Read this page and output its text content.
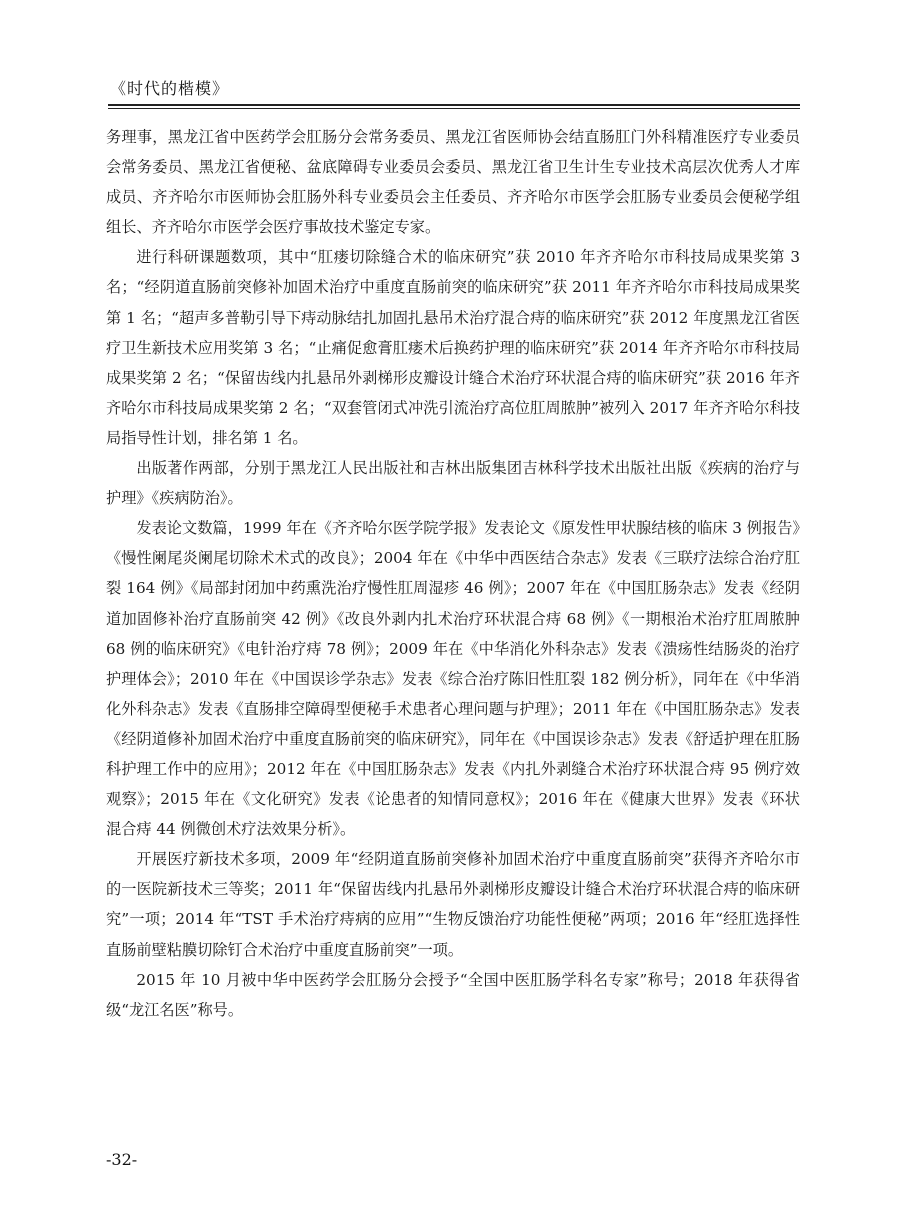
《时代的楷模》

务理事，黑龙江省中医药学会肛肠分会常务委员、黑龙江省医师协会结直肠肛门外科精准医疗专业委员会常务委员、黑龙江省便秘、盆底障碍专业委员会委员、黑龙江省卫生计生专业技术高层次优秀人才库成员、齐齐哈尔市医师协会肛肠外科专业委员会主任委员、齐齐哈尔市医学会肛肠专业委员会便秘学组组长、齐齐哈尔市医学会医疗事故技术鉴定专家。

进行科研课题数项，其中“肛瘘切除缝合术的临床研究”获 2010 年齐齐哈尔市科技局成果奖第 3 名；“经阴道直肠前突修补加固术治疗中重度直肠前突的临床研究”获 2011 年齐齐哈尔市科技局成果奖第 1 名；“超声多普勒引导下痔动脉结扎加固扎悬吊术治疗混合痔的临床研究”获 2012 年度黑龙江省医疗卫生新技术应用奖第 3 名；“止痛促愈膏肛瘘术后换药护理的临床研究”获 2014 年齐齐哈尔市科技局成果奖第 2 名；“保留齿线内扎悬吊外剥梯形皮瓣设计缝合术治疗环状混合痔的临床研究”获 2016 年齐齐哈尔市科技局成果奖第 2 名；“双套管闭式冲洗引流治疗高位肛周脓肿”被列入 2017 年齐齐哈尔科技局指导性计划，排名第 1 名。

出版著作两部，分别于黑龙江人民出版社和吉林出版集团吉林科学技术出版社出版《疾病的治疗与护理》《疾病防治》。

发表论文数篇，1999 年在《齐齐哈尔医学院学报》发表论文《原发性甲状腺结核的临床 3 例报告》《慢性阑尾炎阑尾切除术术式的改良》；2004 年在《中华中西医结合杂志》发表《三联疗法综合治疗肛裂 164 例》《局部封闭加中药熏洗治疗慢性肛周湿疹 46 例》；2007 年在《中国肛肠杂志》发表《经阴道加固修补治疗直肠前突 42 例》《改良外剥内扎术治疗环状混合痔 68 例》《一期根治术治疗肛周脓肿 68 例的临床研究》《电针治疗痔 78 例》；2009 年在《中华消化外科杂志》发表《溃疡性结肠炎的治疗护理体会》；2010 年在《中国误诊学杂志》发表《综合治疗陈旧性肛裂 182 例分析》，同年在《中华消化外科杂志》发表《直肠排空障碍型便秘手术患者心理问题与护理》；2011 年在《中国肛肠杂志》发表《经阴道修补加固术治疗中重度直肠前突的临床研究》，同年在《中国误诊杂志》发表《舒适护理在肛肠科护理工作中的应用》；2012 年在《中国肛肠杂志》发表《内扎外剥缝合术治疗环状混合痔 95 例疗效观察》；2015 年在《文化研究》发表《论患者的知情同意权》；2016 年在《健康大世界》发表《环状混合痔 44 例微创术疗法效果分析》。

开展医疗新技术多项，2009 年“经阴道直肠前突修补加固术治疗中重度直肠前突”获得齐齐哈尔市的一医院新技术三等奖；2011 年“保留齿线内扎悬吊外剥梯形皮瓣设计缝合术治疗环状混合痔的临床研究”一项；2014 年“TST 手术治疗痔病的应用”“生物反馈治疗功能性便秘”两项；2016 年“经肛选择性直肠前壁粘膜切除钉合术治疗中重度直肠前突”一项。

2015 年 10 月被中华中医药学会肛肠分会授予“全国中医肛肠学科名专家”称号；2018 年获得省级“龙江名医”称号。

-32-
